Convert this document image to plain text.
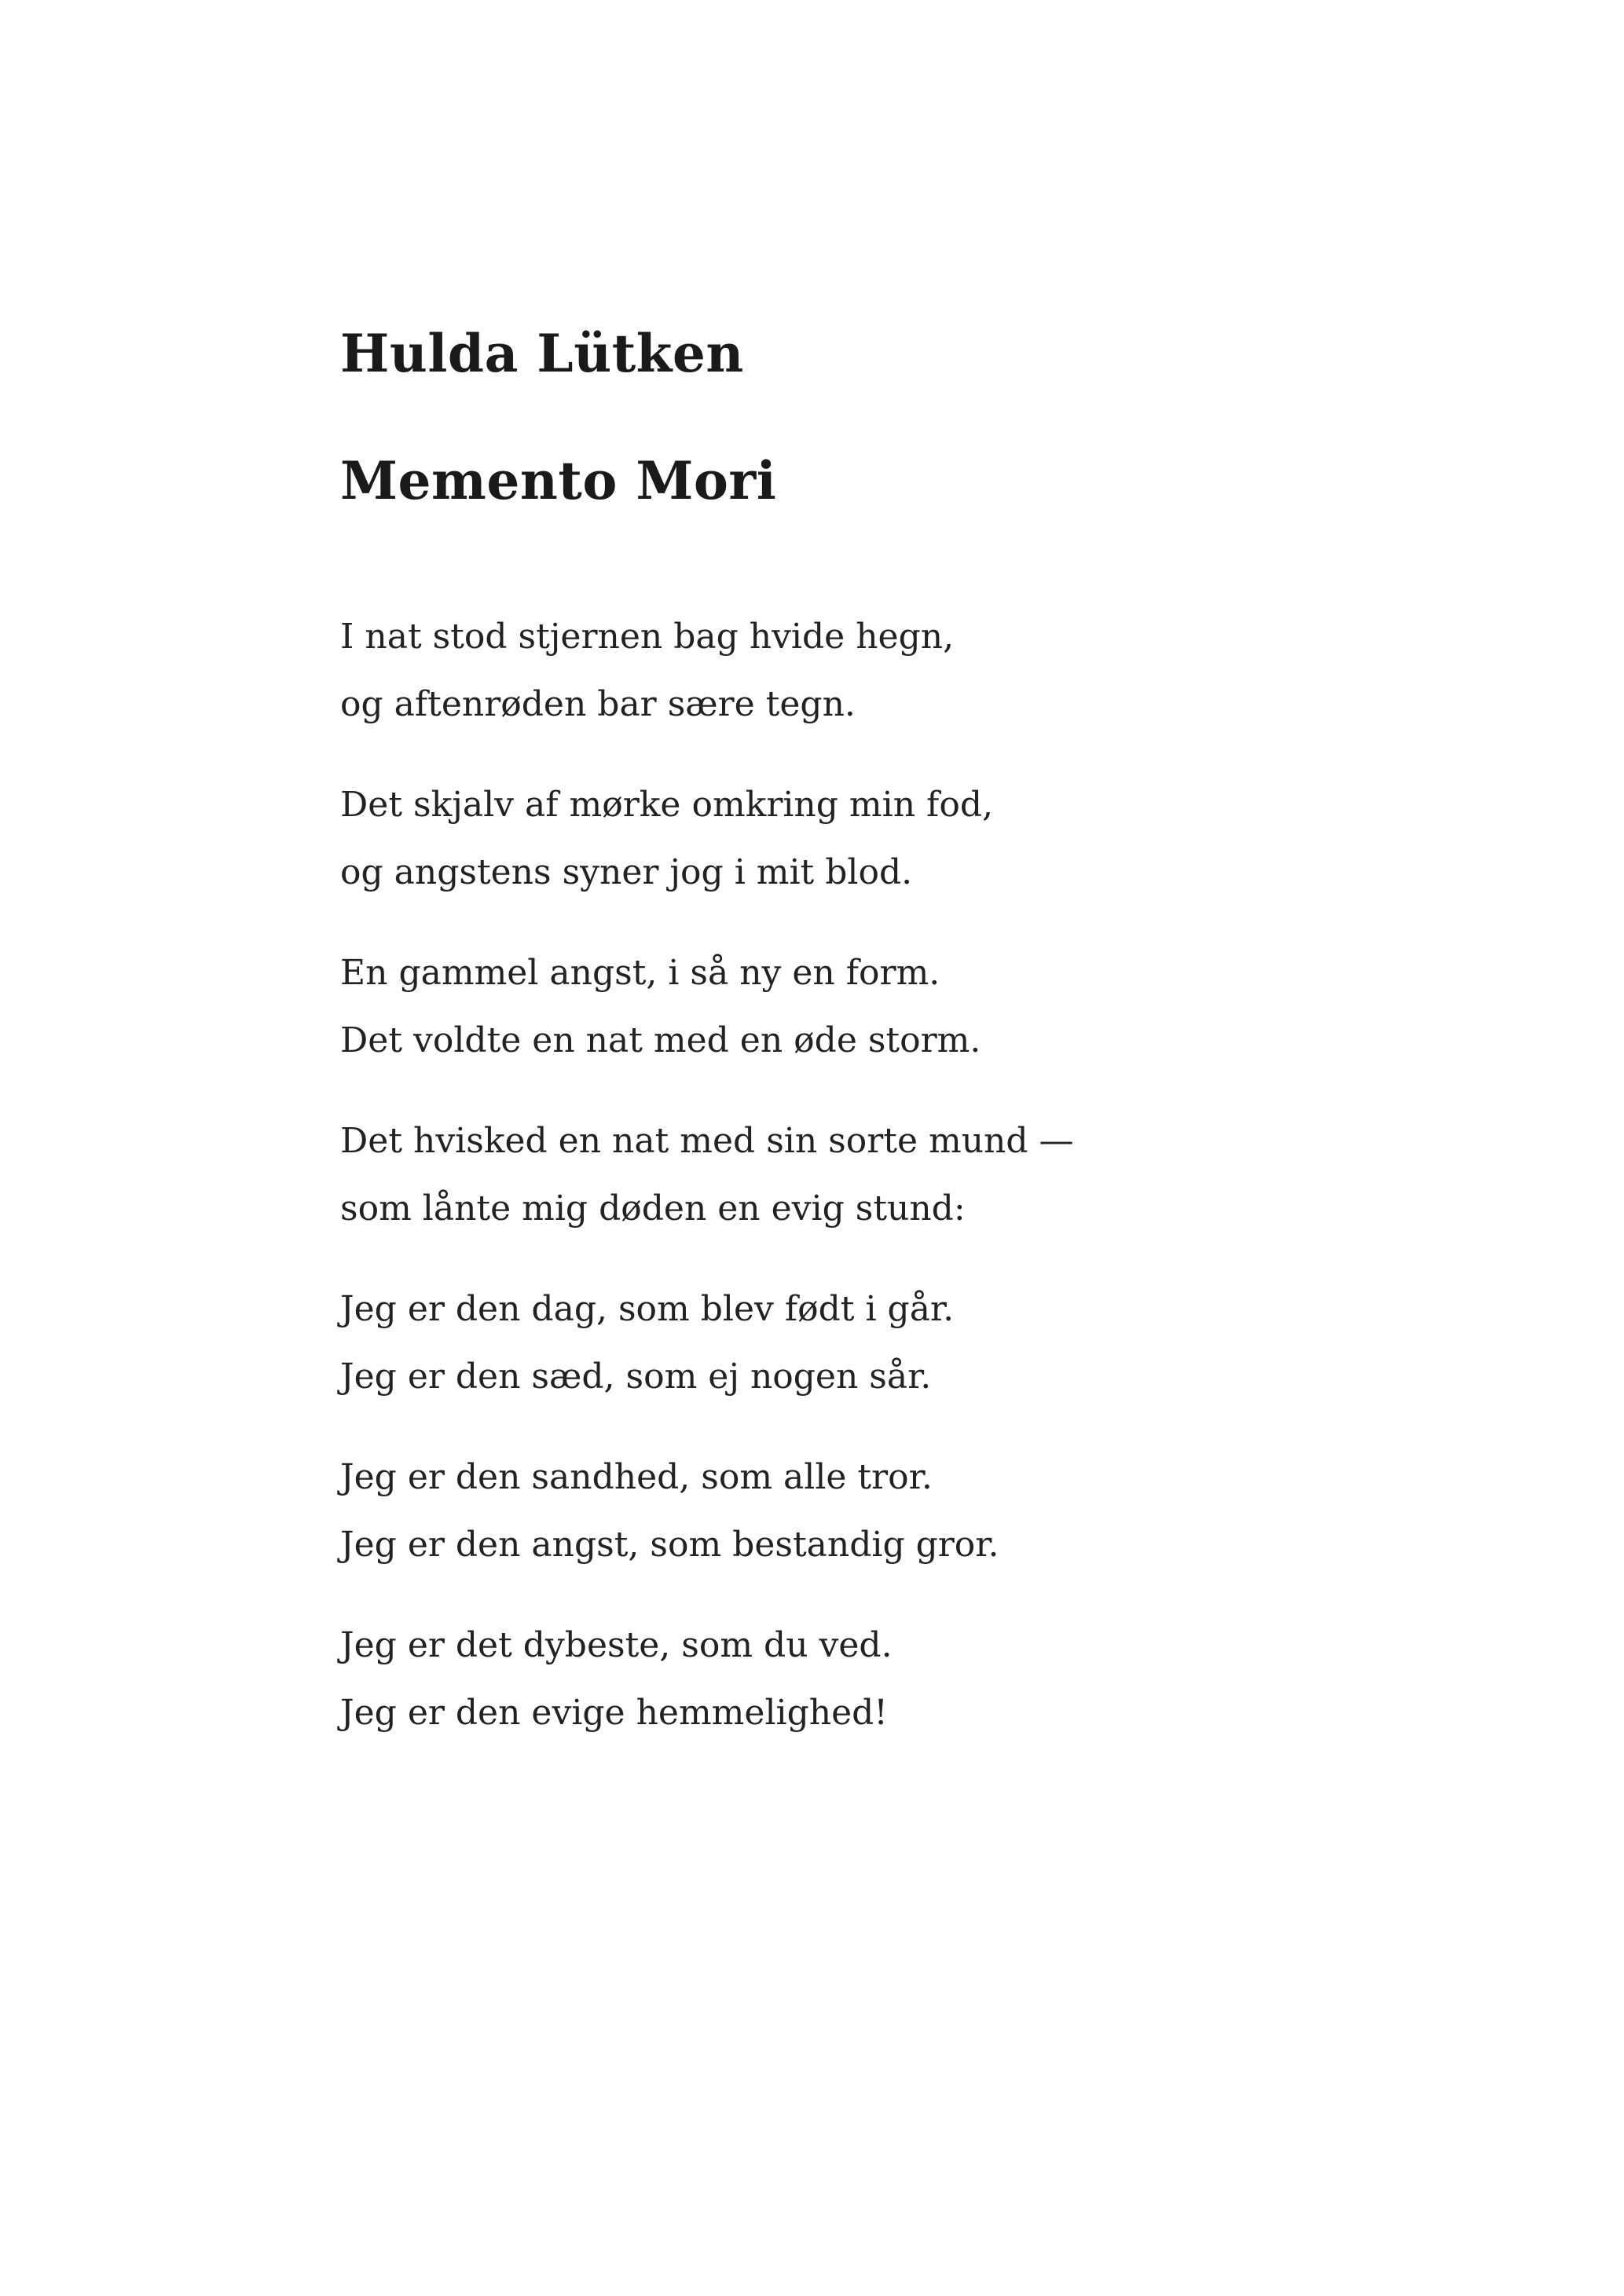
Hulda Lütken
Memento Mori
I nat stod stjernen bag hvide hegn,
og aftenrøden bar sære tegn.
Det skjalv af mørke omkring min fod,
og angstens syner jog i mit blod.
En gammel angst, i så ny en form.
Det voldte en nat med en øde storm.
Det hvisked en nat med sin sorte mund —
som lånte mig døden en evig stund:
Jeg er den dag, som blev født i går.
Jeg er den sæd, som ej nogen sår.
Jeg er den sandhed, som alle tror.
Jeg er den angst, som bestandig gror.
Jeg er det dybeste, som du ved.
Jeg er den evige hemmelighed!
